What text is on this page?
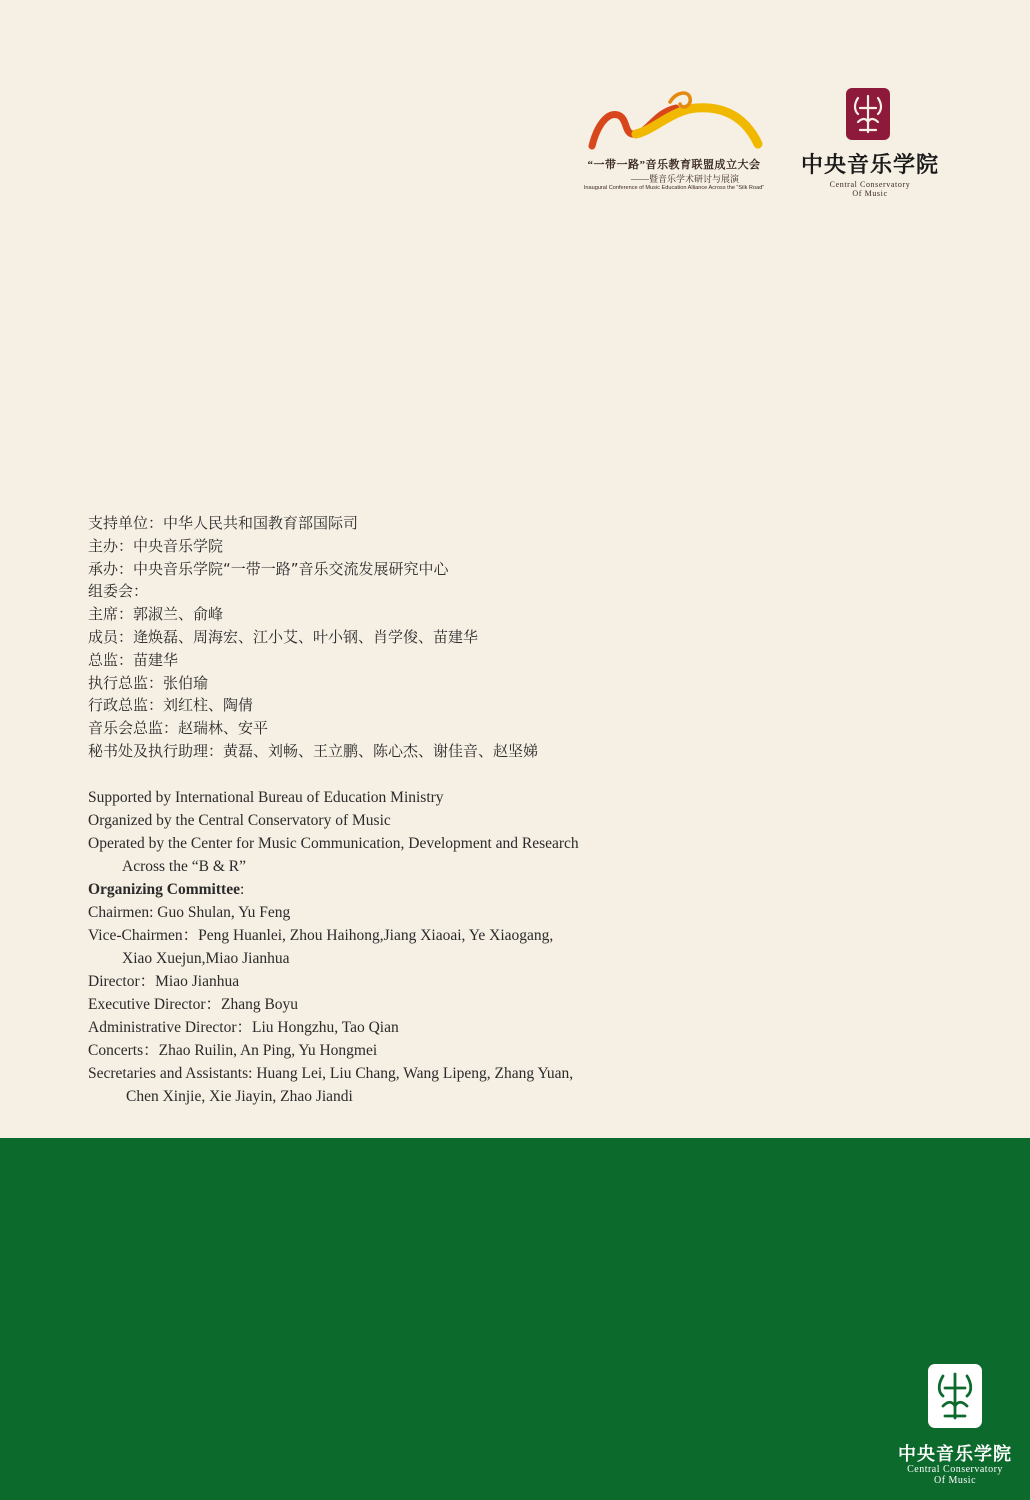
“一带一路”音乐教育联盟成立大会
——暨音乐学术研讨与展演
Inaugural Conference of Music Education Alliance Across the “Silk Road”
中央音乐学院
Central Conservatory
Of Music
支持单位：中华人民共和国教育部国际司
主办：中央音乐学院
承办：中央音乐学院“一带一路”音乐交流发展研究中心
组委会：
主席：郭淑兰、俞峰
成员：逄焕磊、周海宏、江小艾、叶小钢、肖学俊、苗建华
总监：苗建华
执行总监：张伯瑜
行政总监：刘红柱、陶倩
音乐会总监：赵瑞林、安平
秘书处及执行助理：黄磊、刘畅、王立鹏、陈心杰、谢佳音、赵坚娣
Supported by International Bureau of Education Ministry
Organized by the Central Conservatory of Music
Operated by the Center for Music Communication, Development and Research
Across the “B & R”
Organizing Committee:
Chairmen: Guo Shulan, Yu Feng
Vice-Chairmen：Peng Huanlei, Zhou Haihong,Jiang Xiaoai, Ye Xiaogang,
Xiao Xuejun,Miao Jianhua
Director：Miao Jianhua
Executive Director：Zhang Boyu
Administrative Director：Liu Hongzhu, Tao Qian
Concerts：Zhao Ruilin, An Ping, Yu Hongmei
Secretaries and Assistants: Huang Lei, Liu Chang, Wang Lipeng, Zhang Yuan,
Chen Xinjie, Xie Jiayin, Zhao Jiandi
中央音乐学院
Central Conservatory
Of Music
